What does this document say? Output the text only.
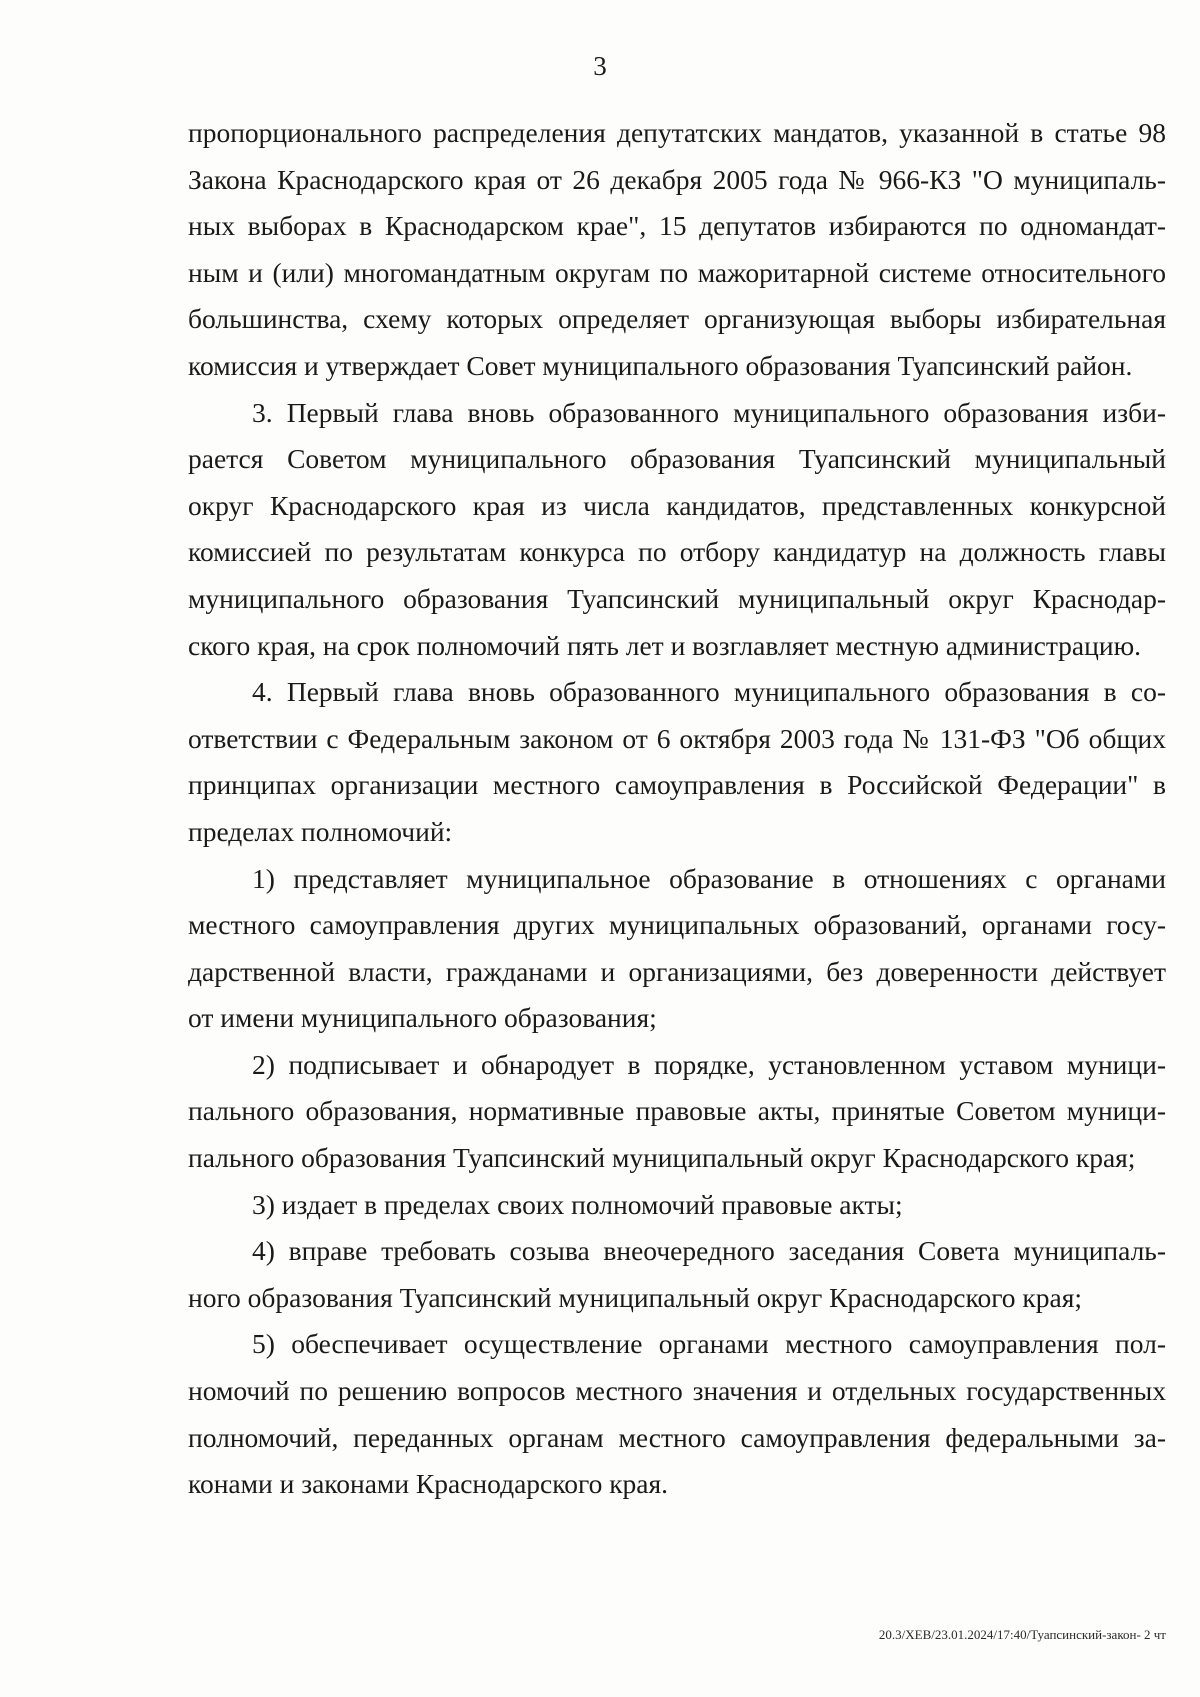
3
пропорционального распределения депутатских мандатов, указанной в статье 98
Закона Краснодарского края от 26 декабря 2005 года № 966-КЗ "О муниципаль-
ных выборах в Краснодарском крае", 15 депутатов избираются по одномандат-
ным и (или) многомандатным округам по мажоритарной системе относительного
большинства, схему которых определяет организующая выборы избирательная
комиссия и утверждает Совет муниципального образования Туапсинский район.
3. Первый глава вновь образованного муниципального образования изби-
рается Советом муниципального образования Туапсинский муниципальный
округ Краснодарского края из числа кандидатов, представленных конкурсной
комиссией по результатам конкурса по отбору кандидатур на должность главы
муниципального образования Туапсинский муниципальный округ Краснодар-
ского края, на срок полномочий пять лет и возглавляет местную администрацию.
4. Первый глава вновь образованного муниципального образования в со-
ответствии с Федеральным законом от 6 октября 2003 года № 131-ФЗ "Об общих
принципах организации местного самоуправления в Российской Федерации" в
пределах полномочий:
1) представляет муниципальное образование в отношениях с органами
местного самоуправления других муниципальных образований, органами госу-
дарственной власти, гражданами и организациями, без доверенности действует
от имени муниципального образования;
2) подписывает и обнародует в порядке, установленном уставом муници-
пального образования, нормативные правовые акты, принятые Советом муници-
пального образования Туапсинский муниципальный округ Краснодарского края;
3) издает в пределах своих полномочий правовые акты;
4) вправе требовать созыва внеочередного заседания Совета муниципаль-
ного образования Туапсинский муниципальный округ Краснодарского края;
5) обеспечивает осуществление органами местного самоуправления пол-
номочий по решению вопросов местного значения и отдельных государственных
полномочий, переданных органам местного самоуправления федеральными за-
конами и законами Краснодарского края.
20.3/ХЕВ/23.01.2024/17:40/Туапсинский-закон- 2 чт
